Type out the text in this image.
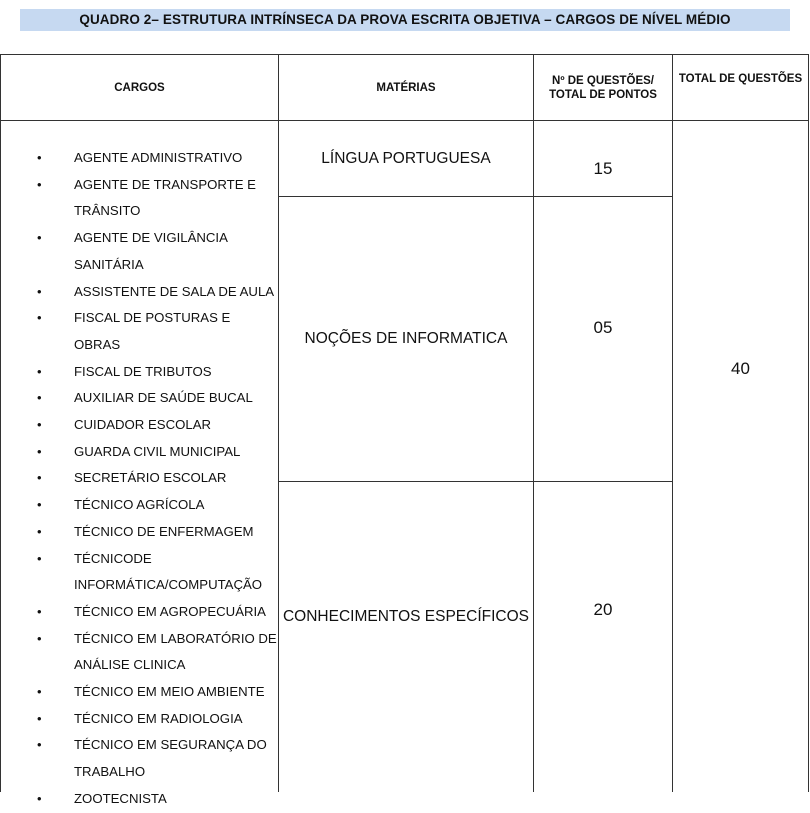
QUADRO 2– ESTRUTURA INTRÍNSECA DA PROVA ESCRITA OBJETIVA – CARGOS DE NÍVEL MÉDIO
CARGOS	MATÉRIAS
Nº DE QUESTÕES/
TOTAL DE PONTOS
TOTAL DE QUESTÕES
• AGENTE ADMINISTRATIVO
• AGENTE DE TRANSPORTE E
TRÂNSITO
• AGENTE DE VIGILÂNCIA
SANITÁRIA
• ASSISTENTE DE SALA DE AULA
• FISCAL DE POSTURAS E OBRAS
• FISCAL DE TRIBUTOS
• AUXILIAR DE SAÚDE BUCAL
• CUIDADOR ESCOLAR
• GUARDA CIVIL MUNICIPAL
• SECRETÁRIO ESCOLAR
• TÉCNICO AGRÍCOLA
• TÉCNICO DE ENFERMAGEM
• TÉCNICODE
INFORMÁTICA/COMPUTAÇÃO
• TÉCNICO EM AGROPECUÁRIA
• TÉCNICO EM LABORATÓRIO DE
ANÁLISE CLINICA
• TÉCNICO EM MEIO AMBIENTE
• TÉCNICO EM RADIOLOGIA
• TÉCNICO EM SEGURANÇA DO
TRABALHO
• ZOOTECNISTA
LÍNGUA PORTUGUESA
NOÇÕES DE INFORMATICA
CONHECIMENTOS ESPECÍFICOS
15
05
20
40
